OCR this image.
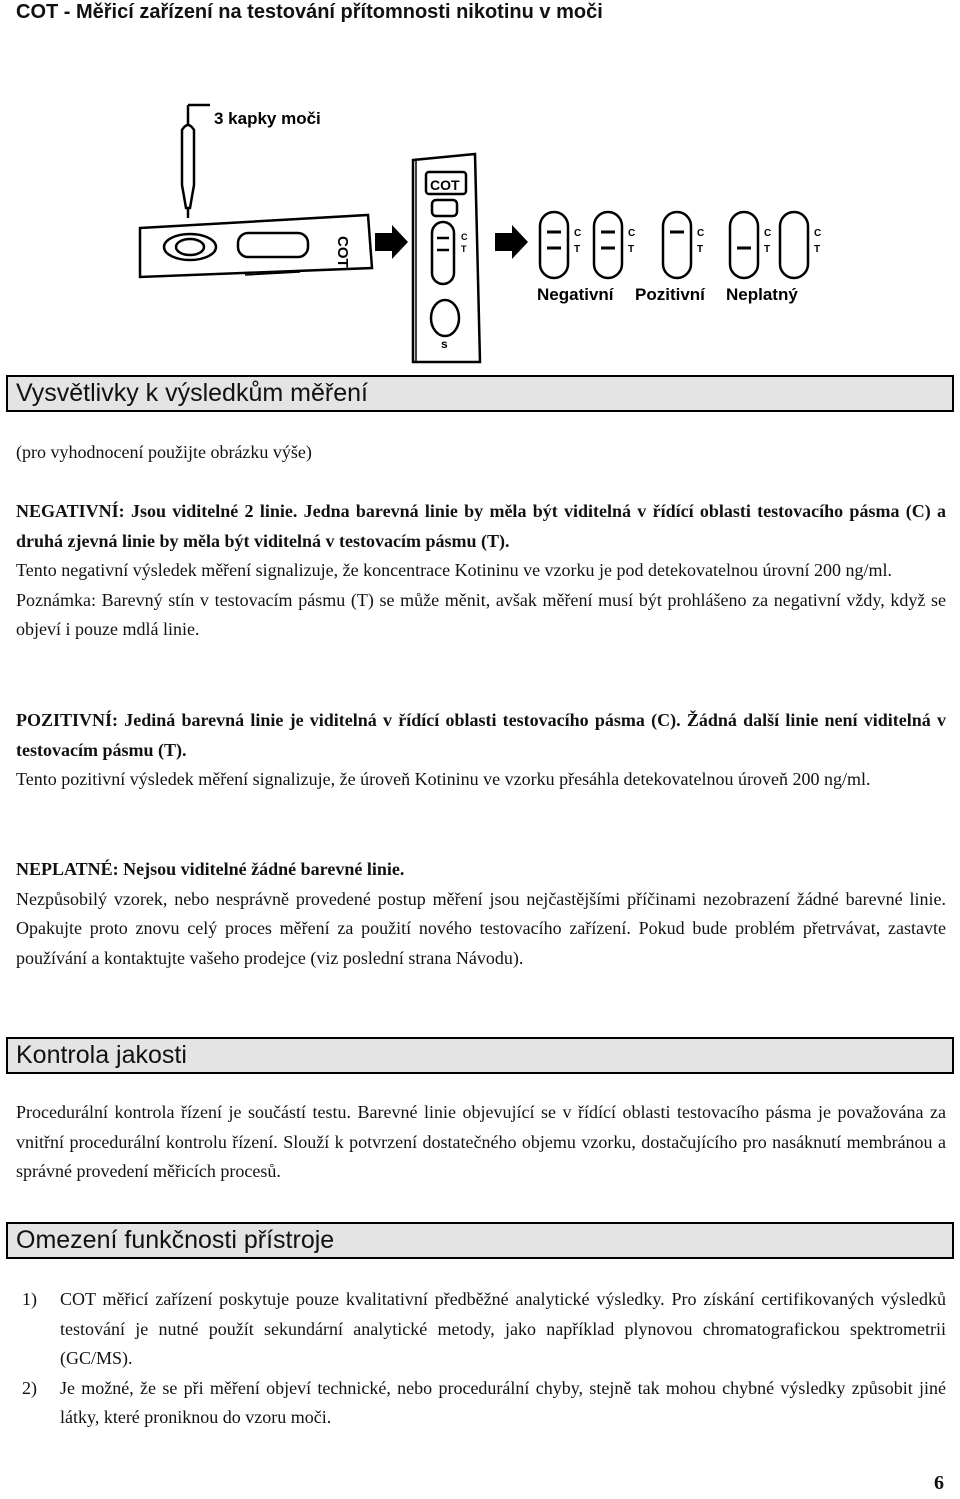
COT - Měřicí zařízení na testování přítomnosti nikotinu v moči
3 kapky moči
COT
COT
C
T
s
C
T
C
T
C
T
C
T
C
T
Negativní Pozitivní Neplatný
Vysvětlivky k výsledkům měření
(pro vyhodnocení použijte obrázku výše)

NEGATIVNÍ: Jsou viditelné 2 linie. Jedna barevná linie by měla být viditelná v řídící oblasti testovacího pásma (C) a druhá zjevná linie by měla být viditelná v testovacím pásmu (T).

Tento negativní výsledek měření signalizuje, že koncentrace Kotininu ve vzorku je pod detekovatelnou úrovní 200 ng/ml.

Poznámka: Barevný stín v testovacím pásmu (T) se může měnit, avšak měření musí být prohlášeno za negativní vždy, když se objeví i pouze mdlá linie.

POZITIVNÍ: Jediná barevná linie je viditelná v řídící oblasti testovacího pásma (C). Žádná další linie není viditelná v testovacím pásmu (T).

Tento pozitivní výsledek měření signalizuje, že úroveň Kotininu ve vzorku přesáhla detekovatelnou úroveň 200 ng/ml.

NEPLATNÉ: Nejsou viditelné žádné barevné linie.

Nezpůsobilý vzorek, nebo nesprávně provedené postup měření jsou nejčastějšími příčinami nezobrazení žádné barevné linie. Opakujte proto znovu celý proces měření za použití nového testovacího zařízení. Pokud bude problém přetrvávat, zastavte používání a kontaktujte vašeho prodejce (viz poslední strana Návodu).

Kontrola jakosti
Procedurální kontrola řízení je součástí testu. Barevné linie objevující se v řídící oblasti testovacího pásma je považována za vnitřní procedurální kontrolu řízení. Slouží k potvrzení dostatečného objemu vzorku, dostačujícího pro nasáknutí membránou a správné provedení měřicích procesů.
Omezení funkčnosti přístroje
1) COT měřicí zařízení poskytuje pouze kvalitativní předběžné analytické výsledky. Pro získání certifikovaných výsledků testování je nutné použít sekundární analytické metody, jako například plynovou chromatografickou spektrometrii (GC/MS).
2) Je možné, že se při měření objeví technické, nebo procedurální chyby, stejně tak mohou chybné výsledky způsobit jiné látky, které proniknou do vzoru moči.
6
